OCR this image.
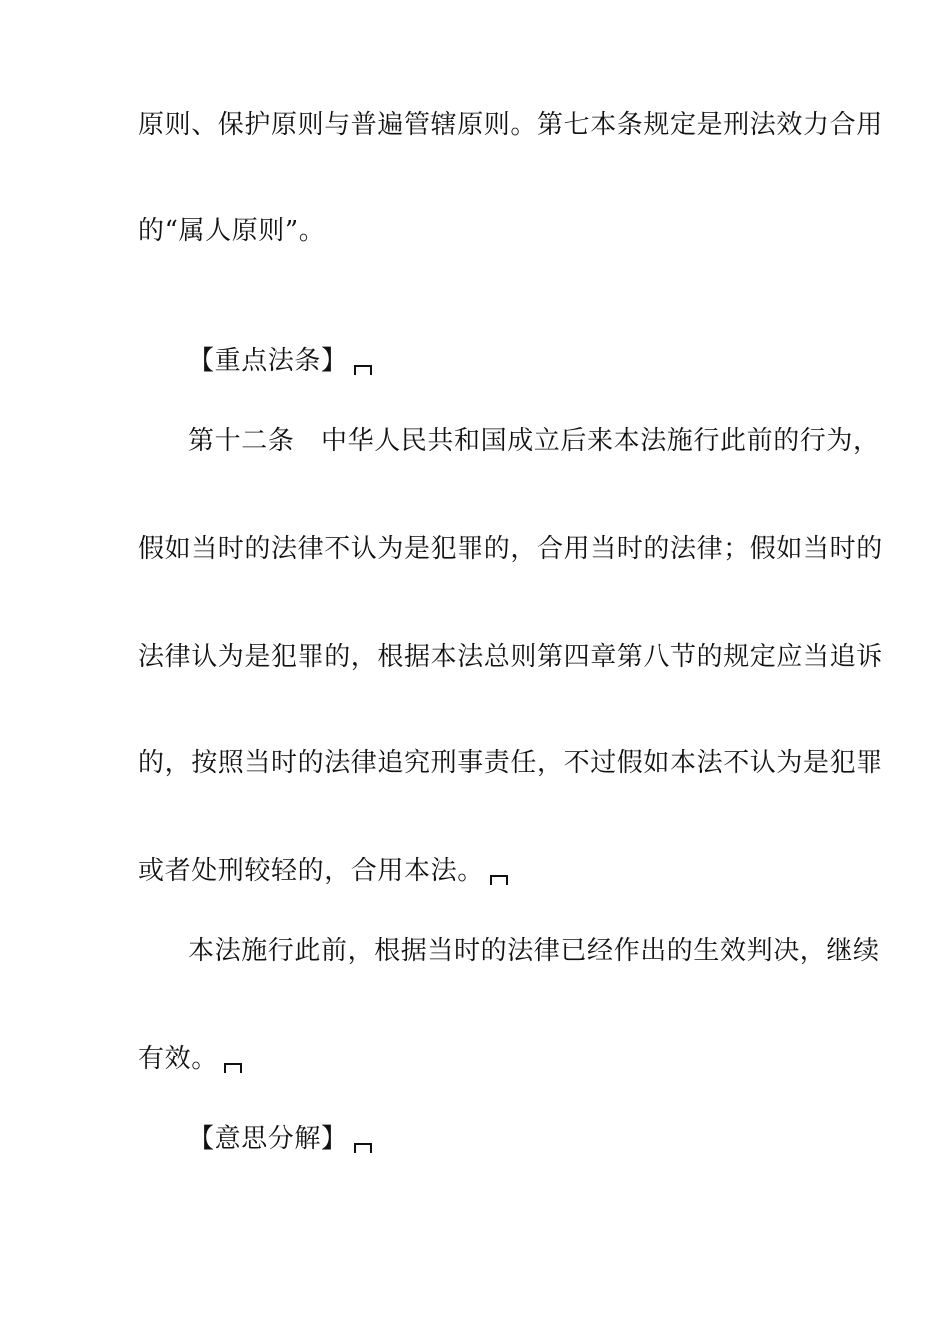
原则、保护原则与普遍管辖原则。第七本条规定是刑法效力合用
的“属人原则”。
【重点法条】
第十二条　中华人民共和国成立后来本法施行此前的行为，
假如当时的法律不认为是犯罪的，合用当时的法律；假如当时的
法律认为是犯罪的，根据本法总则第四章第八节的规定应当追诉
的，按照当时的法律追究刑事责任，不过假如本法不认为是犯罪
或者处刑较轻的，合用本法。
本法施行此前，根据当时的法律已经作出的生效判决，继续
有效。
【意思分解】
